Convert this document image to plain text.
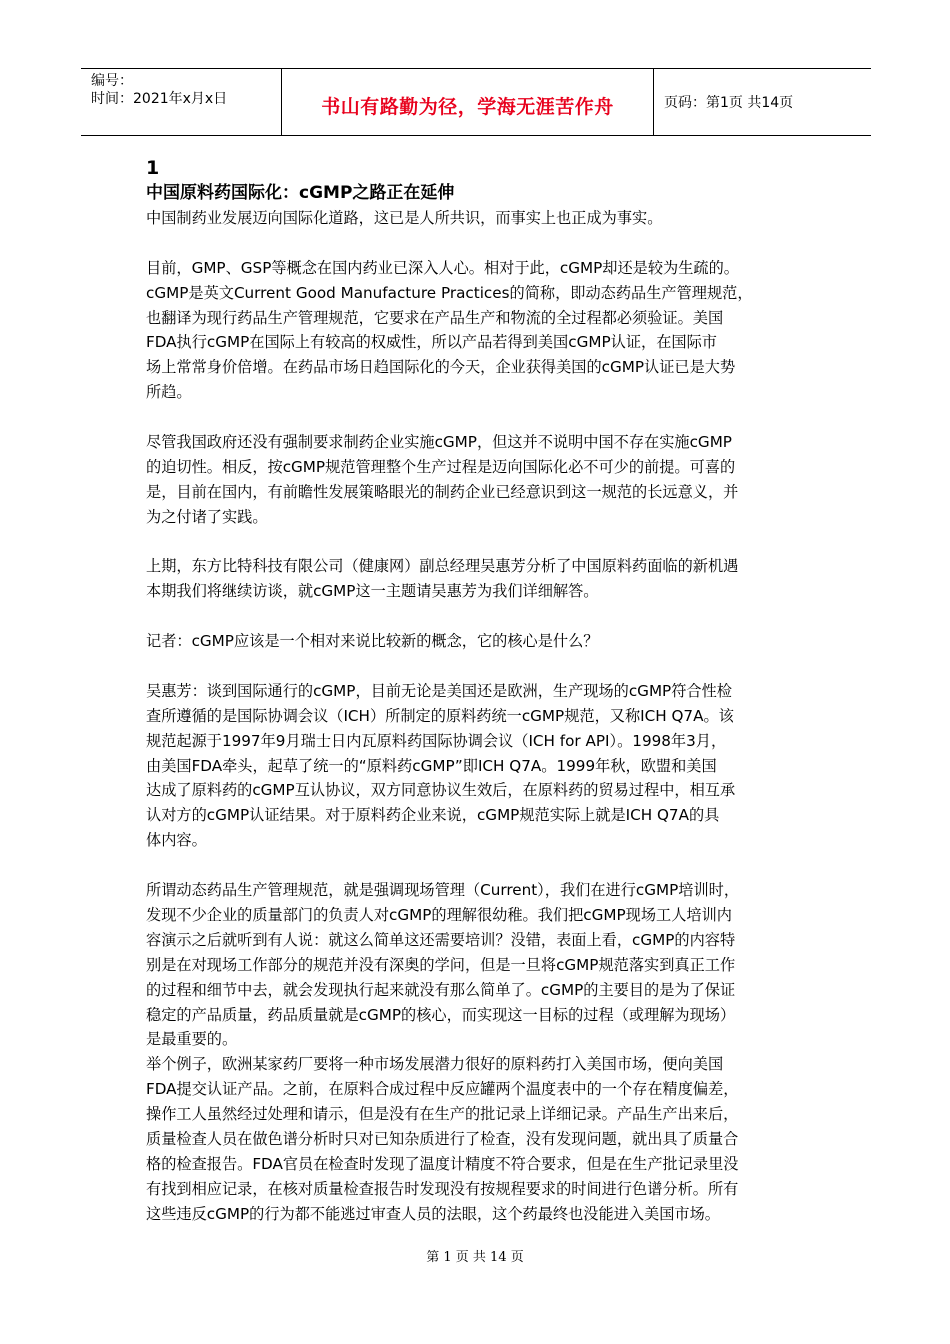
编号：
时间：2021年x月x日	书山有路勤为径，学海无涯苦作舟	页码：第1页 共14页
1
中国原料药国际化：cGMP之路正在延伸
中国制药业发展迈向国际化道路，这已是人所共识，而事实上也正成为事实。
目前，GMP、GSP等概念在国内药业已深入人心。相对于此，cGMP却还是较为生疏的。
cGMP是英文Current Good Manufacture Practices的简称，即动态药品生产管理规范，
也翻译为现行药品生产管理规范，它要求在产品生产和物流的全过程都必须验证。美国
FDA执行cGMP在国际上有较高的权威性，所以产品若得到美国cGMP认证，在国际市
场上常常身价倍增。在药品市场日趋国际化的今天，企业获得美国的cGMP认证已是大势
所趋。
尽管我国政府还没有强制要求制药企业实施cGMP，但这并不说明中国不存在实施cGMP
的迫切性。相反，按cGMP规范管理整个生产过程是迈向国际化必不可少的前提。可喜的
是，目前在国内，有前瞻性发展策略眼光的制药企业已经意识到这一规范的长远意义，并
为之付诸了实践。
上期，东方比特科技有限公司（健康网）副总经理吴惠芳分析了中国原料药面临的新机遇
本期我们将继续访谈，就cGMP这一主题请吴惠芳为我们详细解答。
记者：cGMP应该是一个相对来说比较新的概念，它的核心是什么？
吴惠芳：谈到国际通行的cGMP，目前无论是美国还是欧洲，生产现场的cGMP符合性检
查所遵循的是国际协调会议（ICH）所制定的原料药统一cGMP规范，又称ICH Q7A。该
规范起源于1997年9月瑞士日内瓦原料药国际协调会议（ICH for API）。1998年3月，
由美国FDA牵头，起草了统一的“原料药cGMP”即ICH Q7A。1999年秋，欧盟和美国
达成了原料药的cGMP互认协议，双方同意协议生效后，在原料药的贸易过程中，相互承
认对方的cGMP认证结果。对于原料药企业来说，cGMP规范实际上就是ICH Q7A的具
体内容。
所谓动态药品生产管理规范，就是强调现场管理（Current），我们在进行cGMP培训时，
发现不少企业的质量部门的负责人对cGMP的理解很幼稚。我们把cGMP现场工人培训内
容演示之后就听到有人说：就这么简单这还需要培训？没错，表面上看，cGMP的内容特
别是在对现场工作部分的规范并没有深奥的学问，但是一旦将cGMP规范落实到真正工作
的过程和细节中去，就会发现执行起来就没有那么简单了。cGMP的主要目的是为了保证
稳定的产品质量，药品质量就是cGMP的核心，而实现这一目标的过程（或理解为现场）
是最重要的。
举个例子，欧洲某家药厂要将一种市场发展潜力很好的原料药打入美国市场，便向美国
FDA提交认证产品。之前，在原料合成过程中反应罐两个温度表中的一个存在精度偏差，
操作工人虽然经过处理和请示，但是没有在生产的批记录上详细记录。产品生产出来后，
质量检查人员在做色谱分析时只对已知杂质进行了检查，没有发现问题，就出具了质量合
格的检查报告。FDA官员在检查时发现了温度计精度不符合要求，但是在生产批记录里没
有找到相应记录，在核对质量检查报告时发现没有按规程要求的时间进行色谱分析。所有
这些违反cGMP的行为都不能逃过审查人员的法眼，这个药最终也没能进入美国市场。
第 1 页 共 14 页
